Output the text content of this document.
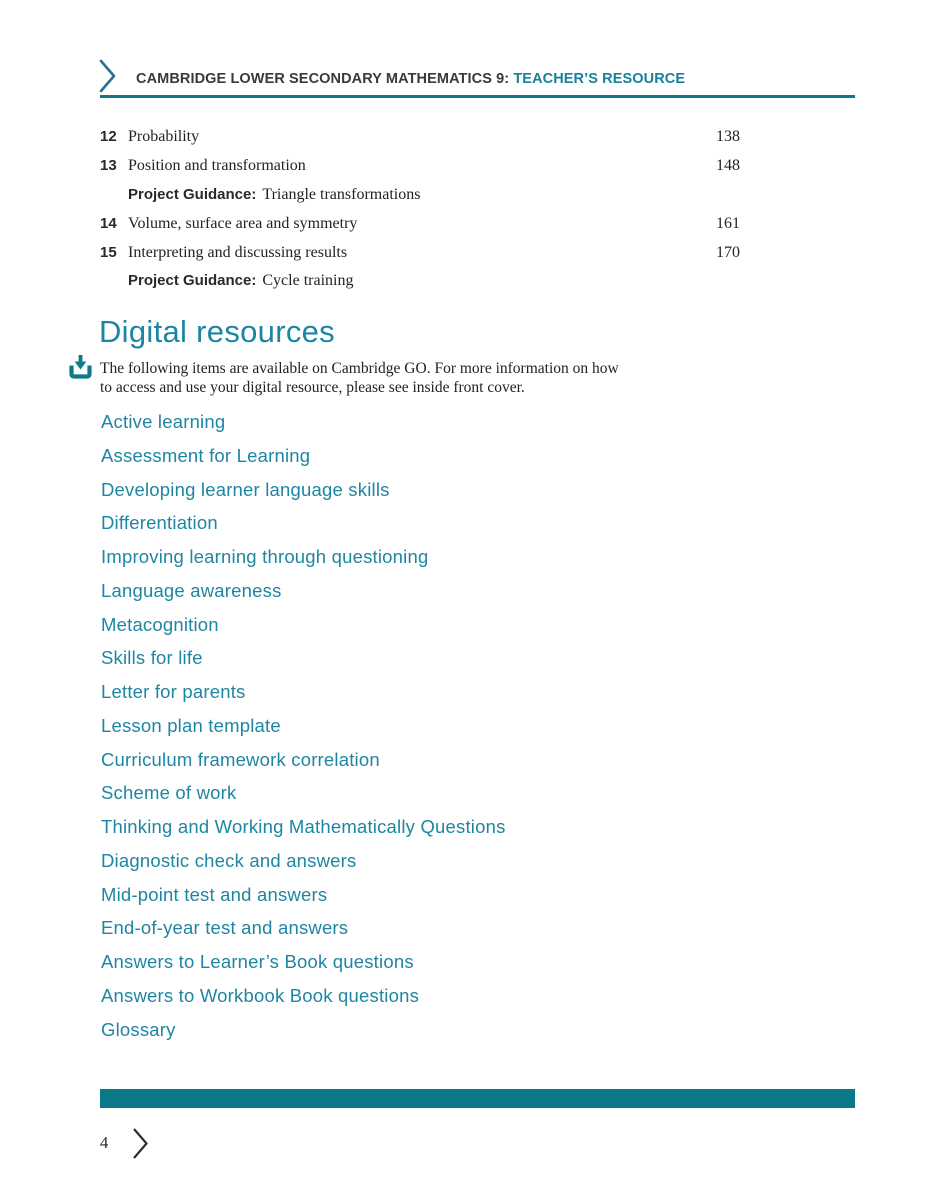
CAMBRIDGE LOWER SECONDARY MATHEMATICS 9: TEACHER’S RESOURCE
12 Probability	138
13 Position and transformation	148
Project Guidance: Triangle transformations
14 Volume, surface area and symmetry	161
15 Interpreting and discussing results	170
Project Guidance: Cycle training
Digital resources

The following items are available on Cambridge GO. For more information on how
to access and use your digital resource, please see inside front cover.

Active learning
Assessment for Learning
Developing learner language skills
Differentiation
Improving learning through questioning
Language awareness
Metacognition
Skills for life
Letter for parents
Lesson plan template
Curriculum framework correlation
Scheme of work
Thinking and Working Mathematically Questions
Diagnostic check and answers
Mid-point test and answers
End-of-year test and answers
Answers to Learner’s Book questions
Answers to Workbook Book questions
Glossary
4
